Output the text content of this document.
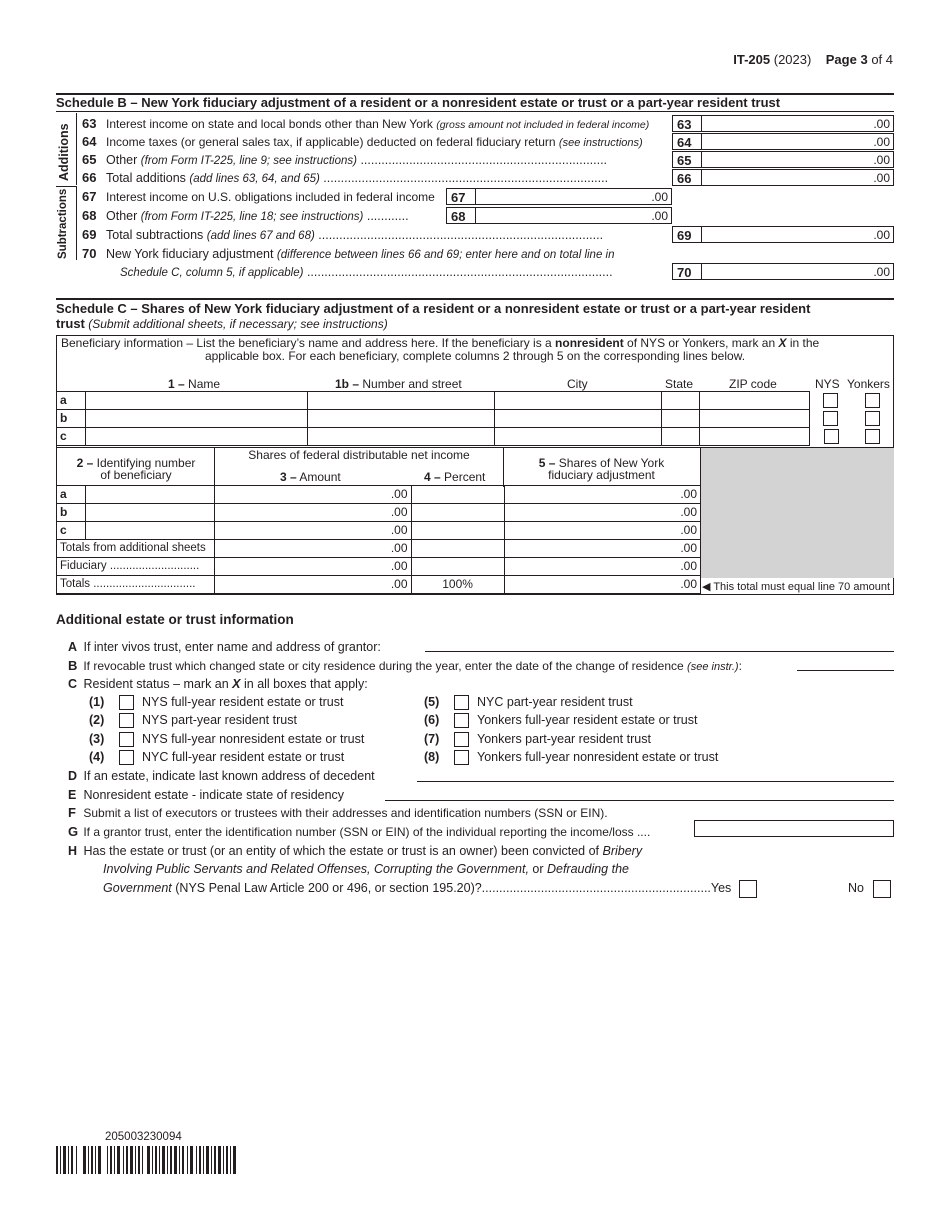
IT-205 (2023) Page 3 of 4
Schedule B – New York fiduciary adjustment of a resident or a nonresident estate or trust or a part-year resident trust
Additions
Subtractions
63 Interest income on state and local bonds other than New York (gross amount not included in federal income)	63	.00
64 Income taxes (or general sales tax, if applicable) deducted on federal fiduciary return (see instructions)	64	.00
65 Other (from Form IT-225, line 9; see instructions) .......................................................................	65	.00
66 Total additions (add lines 63, 64, and 65) ..................................................................................	66	.00
67 Interest income on U.S. obligations included in federal income	67	.00
68 Other (from Form IT-225, line 18; see instructions) ............	68	.00
69 Total subtractions (add lines 67 and 68) ..................................................................................	69	.00
70 New York fiduciary adjustment (difference between lines 66 and 69; enter here and on total line in
Schedule C, column 5, if applicable) ........................................................................................	70	.00
Schedule C – Shares of New York fiduciary adjustment of a resident or a nonresident estate or trust or a part-year resident
trust (Submit additional sheets, if necessary; see instructions)
Beneficiary information – List the beneficiary’s name and address here. If the beneficiary is a nonresident of NYS or Yonkers, mark an X in the
applicable box. For each beneficiary, complete columns 2 through 5 on the corresponding lines below.
1 – Name	1b – Number and street	City	State	ZIP code	NYS Yonkers
a							
b							
c							
2 – Identifying number
of beneficiary
Shares of federal distributable net income
3 – Amount	4 – Percent
5 – Shares of New York
fiduciary adjustment
a		.00		.00
b		.00		.00
c		.00		.00
Totals from additional sheets		.00		.00
Fiduciary ............................		.00		.00
Totals ................................		.00	100%	.00 ◀ This total must equal line 70 amount
Additional estate or trust information
A If inter vivos trust, enter name and address of grantor:
B If revocable trust which changed state or city residence during the year, enter the date of the change of residence (see instr.):
C Resident status – mark an X in all boxes that apply:
(1)	NYS full-year resident estate or trust
(2)	NYS part-year resident trust
(3)	NYS full-year nonresident estate or trust
(4)	NYC full-year resident estate or trust
(5)	NYC part-year resident trust
(6)	Yonkers full-year resident estate or trust
(7)	Yonkers part-year resident trust
(8)	Yonkers full-year nonresident estate or trust
D If an estate, indicate last known address of decedent
E Nonresident estate - indicate state of residency
F Submit a list of executors or trustees with their addresses and identification numbers (SSN or EIN).
G If a grantor trust, enter the identification number (SSN or EIN) of the individual reporting the income/loss ....
H Has the estate or trust (or an entity of which the estate or trust is an owner) been convicted of Bribery
Involving Public Servants and Related Offenses, Corrupting the Government, or Defrauding the
Government (NYS Penal Law Article 200 or 496, or section 195.20)?..................................................................Yes	No
205003230094
